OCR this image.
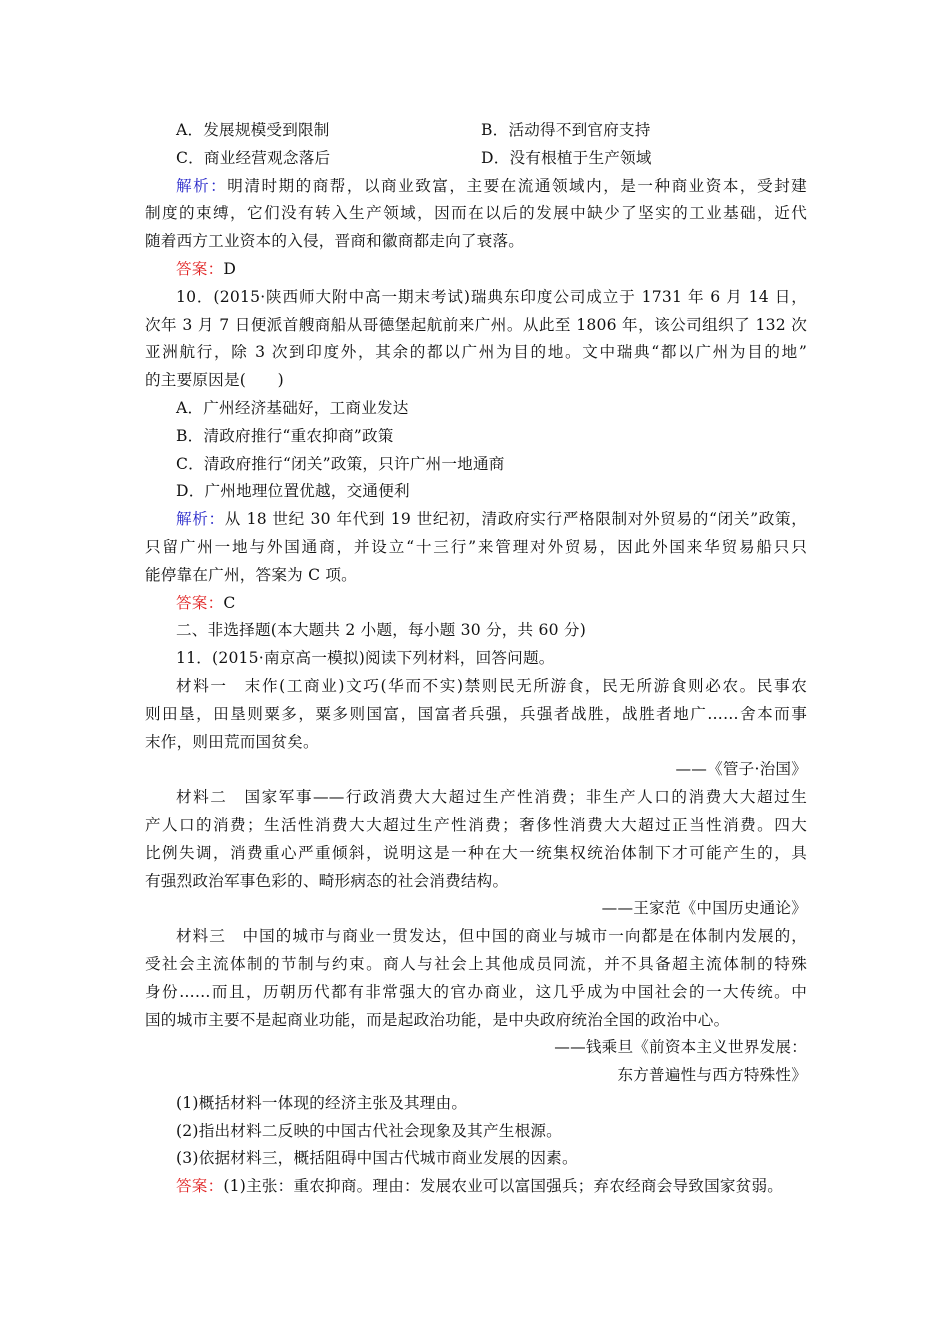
A．发展规模受到限制	B．活动得不到官府支持
C．商业经营观念落后	D．没有根植于生产领域
解析：明清时期的商帮，以商业致富，主要在流通领域内，是一种商业资本，受封建
制度的束缚，它们没有转入生产领域，因而在以后的发展中缺少了坚实的工业基础，近代
随着西方工业资本的入侵，晋商和徽商都走向了衰落。
答案：D
10．(2015·陕西师大附中高一期末考试)瑞典东印度公司成立于 1731 年 6 月 14 日，
次年 3 月 7 日便派首艘商船从哥德堡起航前来广州。从此至 1806 年，该公司组织了 132 次
亚洲航行，除 3 次到印度外，其余的都以广州为目的地。文中瑞典“都以广州为目的地”
的主要原因是(　　)
A．广州经济基础好，工商业发达
B．清政府推行“重农抑商”政策
C．清政府推行“闭关”政策，只许广州一地通商
D．广州地理位置优越，交通便利
解析：从 18 世纪 30 年代到 19 世纪初，清政府实行严格限制对外贸易的“闭关”政策，
只留广州一地与外国通商，并设立“十三行”来管理对外贸易，因此外国来华贸易船只只
能停靠在广州，答案为 C 项。
答案：C
二、非选择题(本大题共 2 小题，每小题 30 分，共 60 分)
11．(2015·南京高一模拟)阅读下列材料，回答问题。
材料一　末作(工商业)文巧(华而不实)禁则民无所游食，民无所游食则必农。民事农
则田垦，田垦则粟多，粟多则国富，国富者兵强，兵强者战胜，战胜者地广……舍本而事
末作，则田荒而国贫矣。
——《管子·治国》
材料二　国家军事——行政消费大大超过生产性消费；非生产人口的消费大大超过生
产人口的消费；生活性消费大大超过生产性消费；奢侈性消费大大超过正当性消费。四大
比例失调，消费重心严重倾斜，说明这是一种在大一统集权统治体制下才可能产生的，具
有强烈政治军事色彩的、畸形病态的社会消费结构。
——王家范《中国历史通论》
材料三　中国的城市与商业一贯发达，但中国的商业与城市一向都是在体制内发展的，
受社会主流体制的节制与约束。商人与社会上其他成员同流，并不具备超主流体制的特殊
身份……而且，历朝历代都有非常强大的官办商业，这几乎成为中国社会的一大传统。中
国的城市主要不是起商业功能，而是起政治功能，是中央政府统治全国的政治中心。
——钱乘旦《前资本主义世界发展：
东方普遍性与西方特殊性》
(1)概括材料一体现的经济主张及其理由。
(2)指出材料二反映的中国古代社会现象及其产生根源。
(3)依据材料三，概括阻碍中国古代城市商业发展的因素。
答案：(1)主张：重农抑商。理由：发展农业可以富国强兵；弃农经商会导致国家贫弱。
